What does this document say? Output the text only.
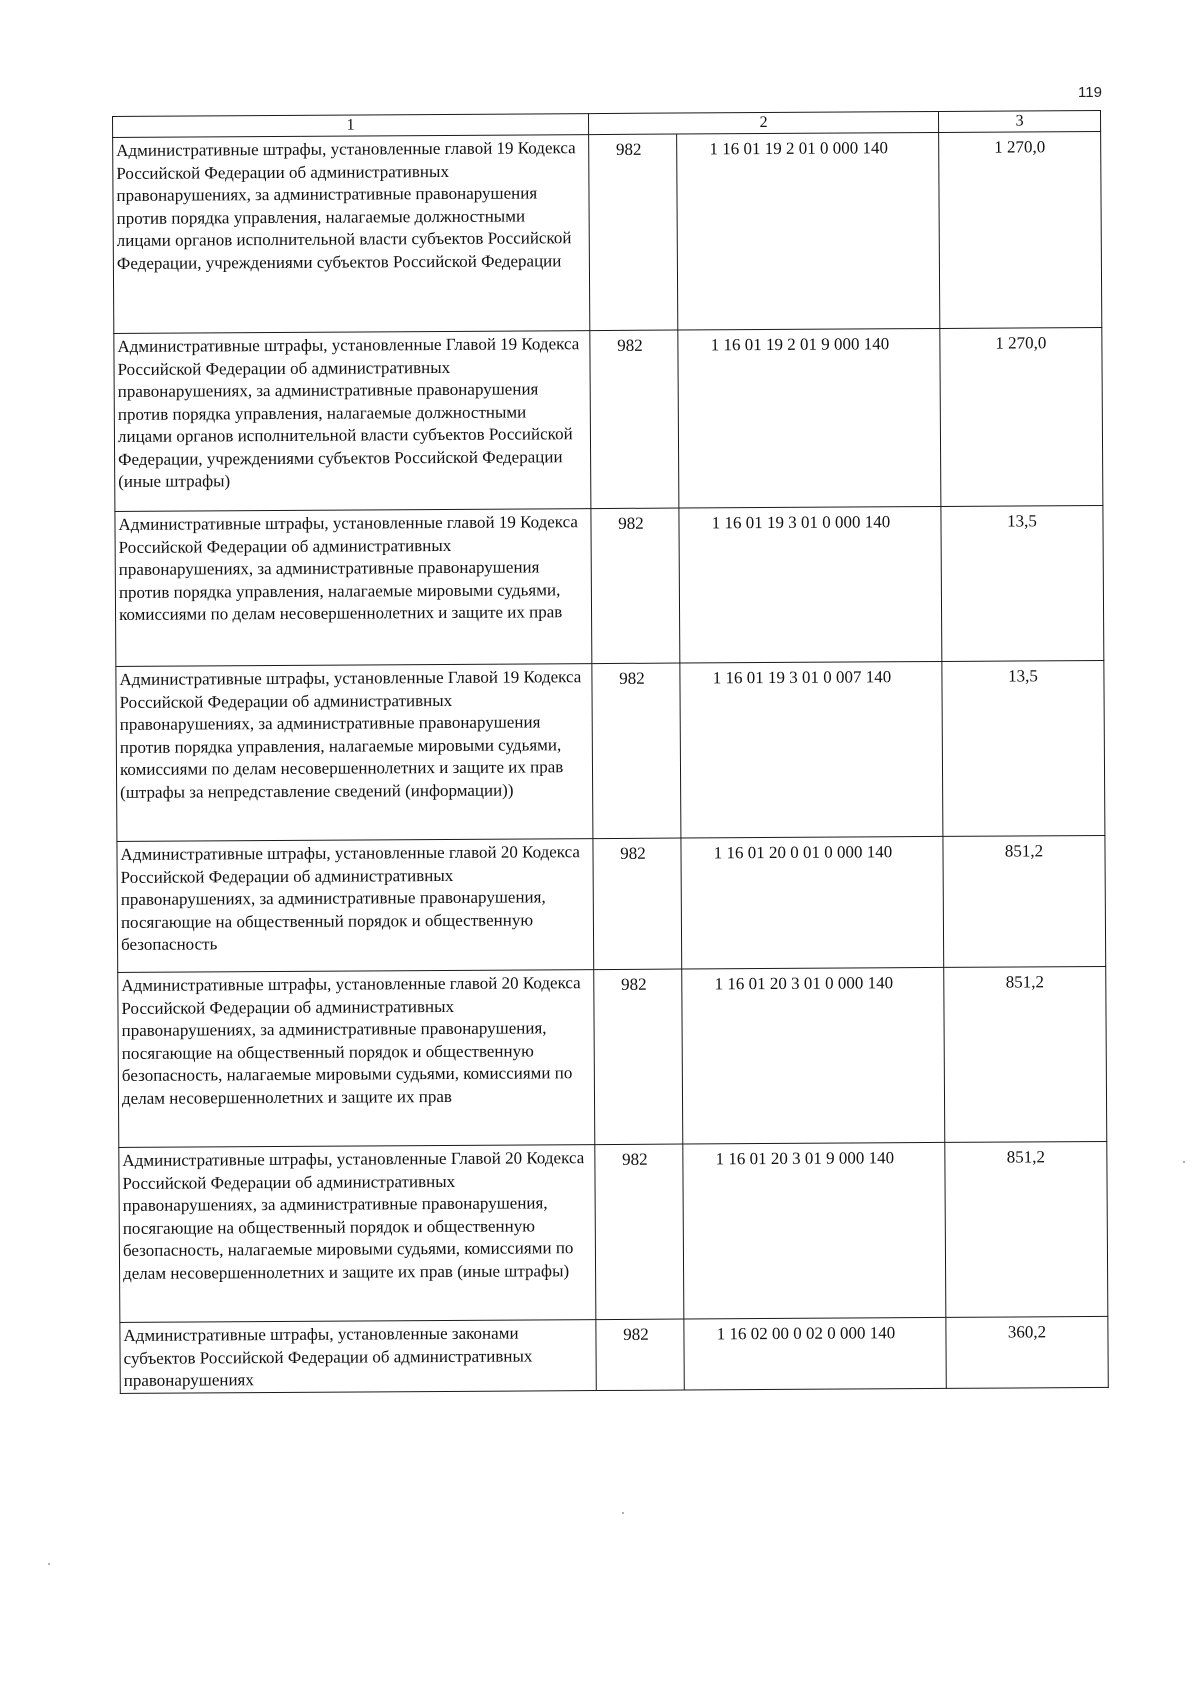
119
1	2		3
Административные штрафы, установленные главой 19 Кодекса Российской Федерации об административных правонарушениях, за административные правонарушения против порядка управления, налагаемые должностными лицами органов исполнительной власти субъектов Российской Федерации, учреждениями субъектов Российской Федерации	982	1 16 01 19 2 01 0 000 140	1 270,0
Административные штрафы, установленные Главой 19 Кодекса Российской Федерации об административных правонарушениях, за административные правонарушения против порядка управления, налагаемые должностными лицами органов исполнительной власти субъектов Российской Федерации, учреждениями субъектов Российской Федерации (иные штрафы)	982	1 16 01 19 2 01 9 000 140	1 270,0
Административные штрафы, установленные главой 19 Кодекса Российской Федерации об административных правонарушениях, за административные правонарушения против порядка управления, налагаемые мировыми судьями, комиссиями по делам несовершеннолетних и защите их прав	982	1 16 01 19 3 01 0 000 140	13,5
Административные штрафы, установленные Главой 19 Кодекса Российской Федерации об административных правонарушениях, за административные правонарушения против порядка управления, налагаемые мировыми судьями, комиссиями по делам несовершеннолетних и защите их прав (штрафы за непредставление сведений (информации))	982	1 16 01 19 3 01 0 007 140	13,5
Административные штрафы, установленные главой 20 Кодекса Российской Федерации об административных правонарушениях, за административные правонарушения, посягающие на общественный порядок и общественную безопасность	982	1 16 01 20 0 01 0 000 140	851,2
Административные штрафы, установленные главой 20 Кодекса Российской Федерации об административных правонарушениях, за административные правонарушения, посягающие на общественный порядок и общественную безопасность, налагаемые мировыми судьями, комиссиями по делам несовершеннолетних и защите их прав	982	1 16 01 20 3 01 0 000 140	851,2
Административные штрафы, установленные Главой 20 Кодекса Российской Федерации об административных правонарушениях, за административные правонарушения, посягающие на общественный порядок и общественную безопасность, налагаемые мировыми судьями, комиссиями по делам несовершеннолетних и защите их прав (иные штрафы)	982	1 16 01 20 3 01 9 000 140	851,2
Административные штрафы, установленные законами субъектов Российской Федерации об административных правонарушениях	982	1 16 02 00 0 02 0 000 140	360,2
